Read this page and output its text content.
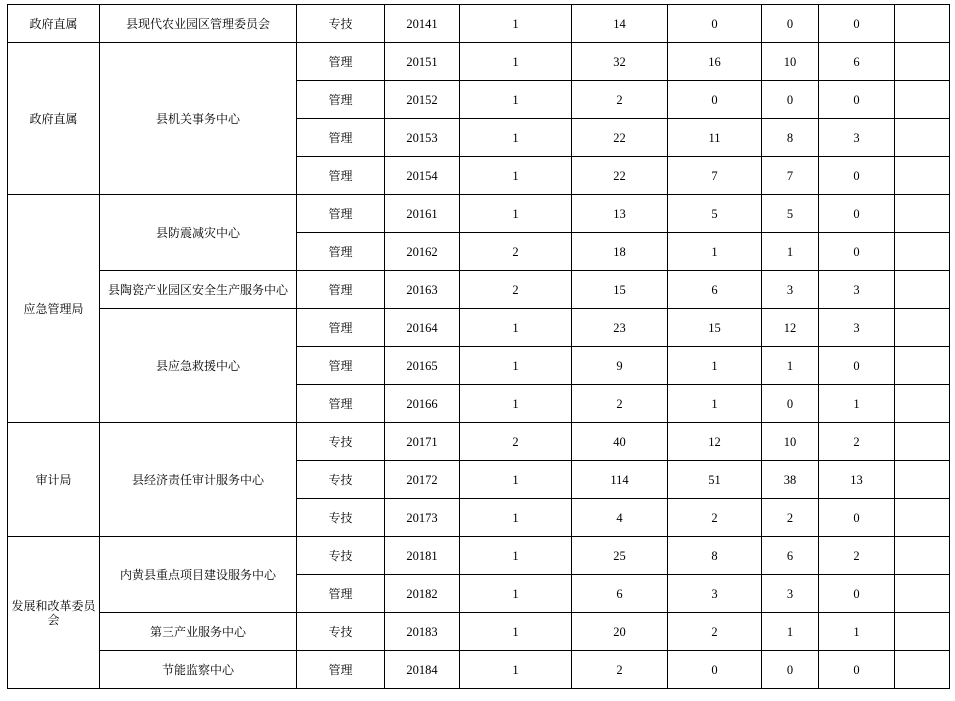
政府直属	县现代农业园区管理委员会	专技	20141	1	14	0	0	0	
政府直属	县机关事务中心	管理	20151	1	32	16	10	6	
		管理	20152	1	2	0	0	0	
		管理	20153	1	22	11	8	3	
		管理	20154	1	22	7	7	0	
应急管理局	县防震减灾中心	管理	20161	1	13	5	5	0	
		管理	20162	2	18	1	1	0	
	县陶瓷产业园区安全生产服务中心	管理	20163	2	15	6	3	3	
	县应急救援中心	管理	20164	1	23	15	12	3	
		管理	20165	1	9	1	1	0	
		管理	20166	1	2	1	0	1	
审计局	县经济责任审计服务中心	专技	20171	2	40	12	10	2	
		专技	20172	1	114	51	38	13	
		专技	20173	1	4	2	2	0	
发展和改革委员会	内黄县重点项目建设服务中心	专技	20181	1	25	8	6	2	
		管理	20182	1	6	3	3	0	
	第三产业服务中心	专技	20183	1	20	2	1	1	
	节能监察中心	管理	20184	1	2	0	0	0	
